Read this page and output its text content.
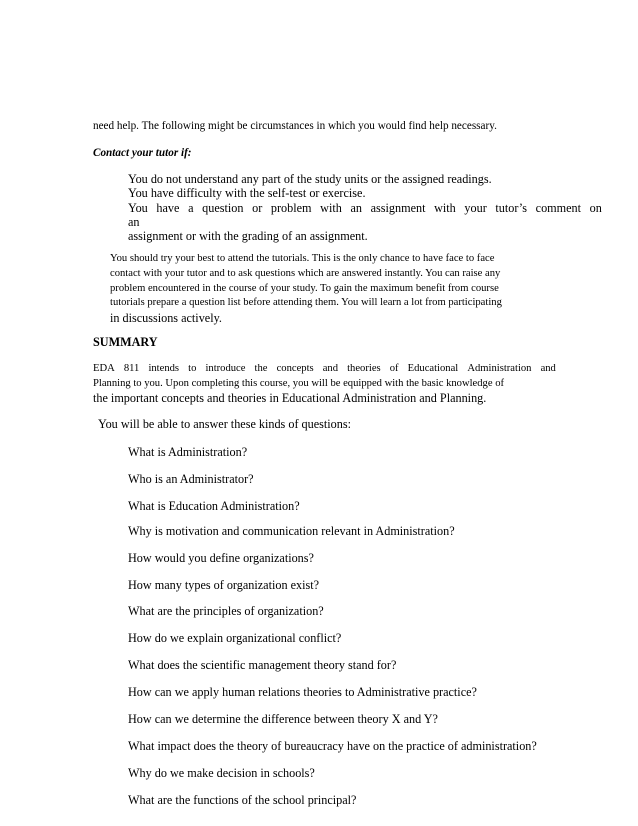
need help. The following might be circumstances in which you would find help necessary.
Contact your tutor if:
You do not understand any part of the study units or the assigned readings.
You have difficulty with the self-test or exercise.
You have a question or problem with an assignment with your tutor’s comment on
an
assignment or with the grading of an assignment.
You should try your best to attend the tutorials. This is the only chance to have face to face
contact with your tutor and to ask questions which are answered instantly. You can raise any
problem encountered in the course of your study. To gain the maximum benefit from course
tutorials prepare a question list before attending them. You will learn a lot from participating
in discussions actively.
SUMMARY
EDA 811 intends to introduce the concepts and theories of Educational Administration and
Planning to you. Upon completing this course, you will be equipped with the basic knowledge of
the important concepts and theories in Educational Administration and Planning.
You will be able to answer these kinds of questions:
What is Administration?
Who is an Administrator?
What is Education Administration?
Why is motivation and communication relevant in Administration?
How would you define organizations?
How many types of organization exist?
What are the principles of organization?
How do we explain organizational conflict?
What does the scientific management theory stand for?
How can we apply human relations theories to Administrative practice?
How can we determine the difference between theory X and Y?
What impact does the theory of bureaucracy have on the practice of administration?
Why do we make decision in schools?
What are the functions of the school principal?
